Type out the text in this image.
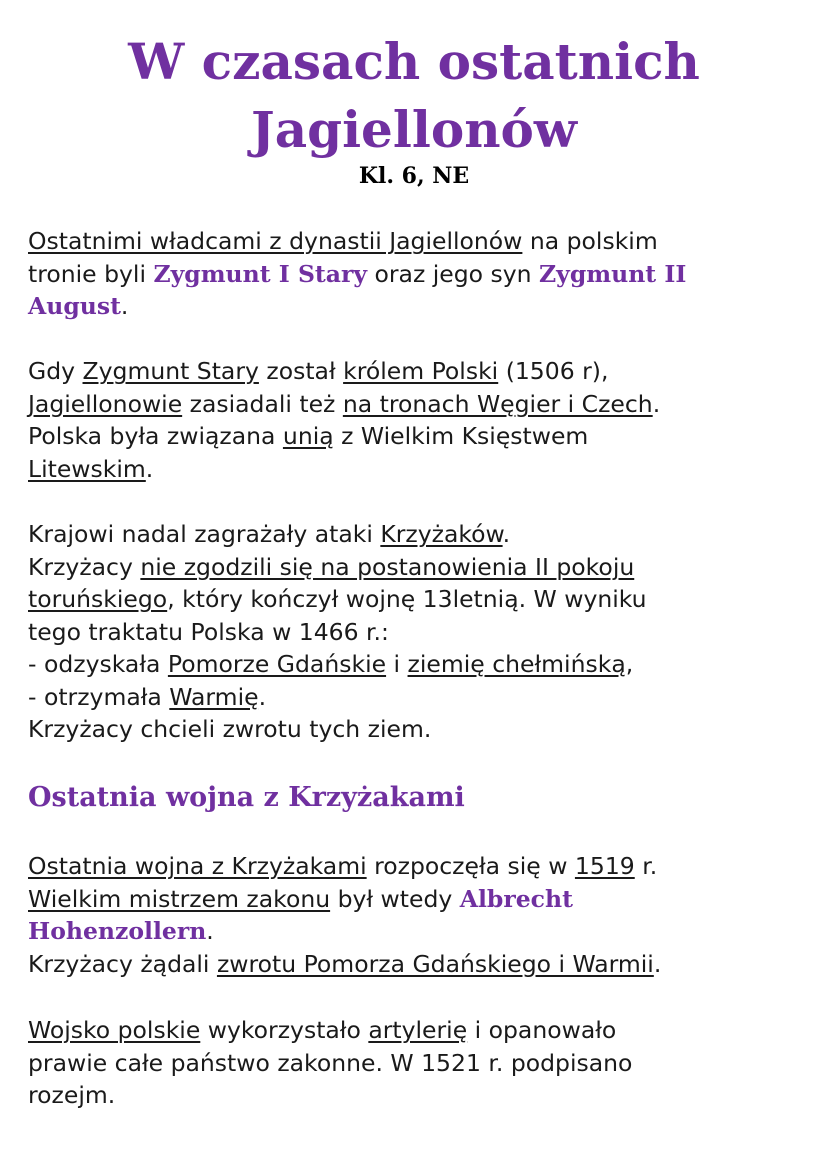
W czasach ostatnich
Jagiellonów
Kl. 6, NE

Ostatnimi władcami z dynastii Jagiellonów na polskim
tronie byli Zygmunt I Stary oraz jego syn Zygmunt II
August.

Gdy Zygmunt Stary został królem Polski (1506 r),
Jagiellonowie zasiadali też na tronach Węgier i Czech.
Polska była związana unią z Wielkim Księstwem
Litewskim.

Krajowi nadal zagrażały ataki Krzyżaków.
Krzyżacy nie zgodzili się na postanowienia II pokoju
toruńskiego, który kończył wojnę 13letnią. W wyniku
tego traktatu Polska w 1466 r.:
- odzyskała Pomorze Gdańskie i ziemię chełmińską,
- otrzymała Warmię.
Krzyżacy chcieli zwrotu tych ziem.

Ostatnia wojna z Krzyżakami

Ostatnia wojna z Krzyżakami rozpoczęła się w 1519 r.
Wielkim mistrzem zakonu był wtedy Albrecht
Hohenzollern.
Krzyżacy żądali zwrotu Pomorza Gdańskiego i Warmii.

Wojsko polskie wykorzystało artylerię i opanowało
prawie całe państwo zakonne. W 1521 r. podpisano
rozejm.
